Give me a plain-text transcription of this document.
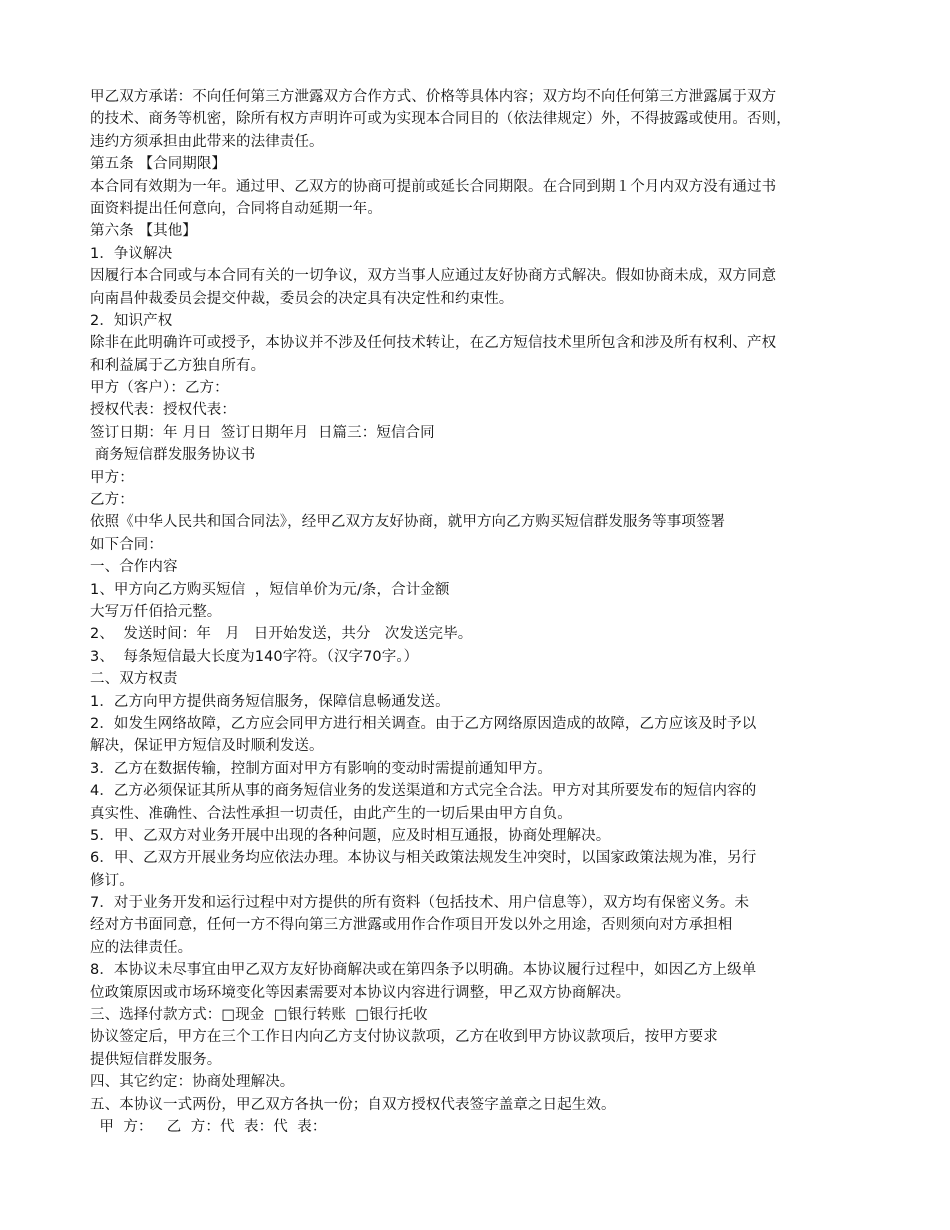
甲乙双方承诺：不向任何第三方泄露双方合作方式、价格等具体内容；双方均不向任何第三方泄露属于双方
的技术、商务等机密，除所有权方声明许可或为实现本合同目的（依法律规定）外，不得披露或使用。否则，
违约方须承担由此带来的法律责任。
第五条 【合同期限】
本合同有效期为一年。通过甲、乙双方的协商可提前或延长合同期限。在合同到期１个月内双方没有通过书
面资料提出任何意向，合同将自动延期一年。
第六条 【其他】
1．争议解决
因履行本合同或与本合同有关的一切争议，双方当事人应通过友好协商方式解决。假如协商未成，双方同意
向南昌仲裁委员会提交仲裁，委员会的决定具有决定性和约束性。
2．知识产权
除非在此明确许可或授予，本协议并不涉及任何技术转让，在乙方短信技术里所包含和涉及所有权利、产权
和利益属于乙方独自所有。
甲方（客户）：乙方：
授权代表：授权代表：
签订日期：年 月日  签订日期年月  日篇三：短信合同
商务短信群发服务协议书
甲方：
乙方：
依照《中华人民共和国合同法》，经甲乙双方友好协商，就甲方向乙方购买短信群发服务等事项签署
如下合同：
一、合作内容
1、甲方向乙方购买短信  ，短信单价为元/条，合计金额
大写万仟佰拾元整。
2、  发送时间：年   月   日开始发送，共分   次发送完毕。
3、  每条短信最大长度为140字符。（汉字70字。）
二、双方权责
1．乙方向甲方提供商务短信服务，保障信息畅通发送。
2．如发生网络故障，乙方应会同甲方进行相关调查。由于乙方网络原因造成的故障，乙方应该及时予以
解决，保证甲方短信及时顺利发送。
3．乙方在数据传输，控制方面对甲方有影响的变动时需提前通知甲方。
4．乙方必须保证其所从事的商务短信业务的发送渠道和方式完全合法。甲方对其所要发布的短信内容的
真实性、准确性、合法性承担一切责任，由此产生的一切后果由甲方自负。
5．甲、乙双方对业务开展中出现的各种问题，应及时相互通报，协商处理解决。
6．甲、乙双方开展业务均应依法办理。本协议与相关政策法规发生冲突时，以国家政策法规为准，另行
修订。
7．对于业务开发和运行过程中对方提供的所有资料（包括技术、用户信息等），双方均有保密义务。未
经对方书面同意，任何一方不得向第三方泄露或用作合作项目开发以外之用途，否则须向对方承担相
应的法律责任。
8．本协议未尽事宜由甲乙双方友好协商解决或在第四条予以明确。本协议履行过程中，如因乙方上级单
位政策原因或市场环境变化等因素需要对本协议内容进行调整，甲乙双方协商解决。
三、选择付款方式：□现金  □银行转账  □银行托收
协议签定后，甲方在三个工作日内向乙方支付协议款项，乙方在收到甲方协议款项后，按甲方要求
提供短信群发服务。
四、其它约定：协商处理解决。
五、本协议一式两份，甲乙双方各执一份；自双方授权代表签字盖章之日起生效。
甲  方：   乙  方：代  表：代  表：
